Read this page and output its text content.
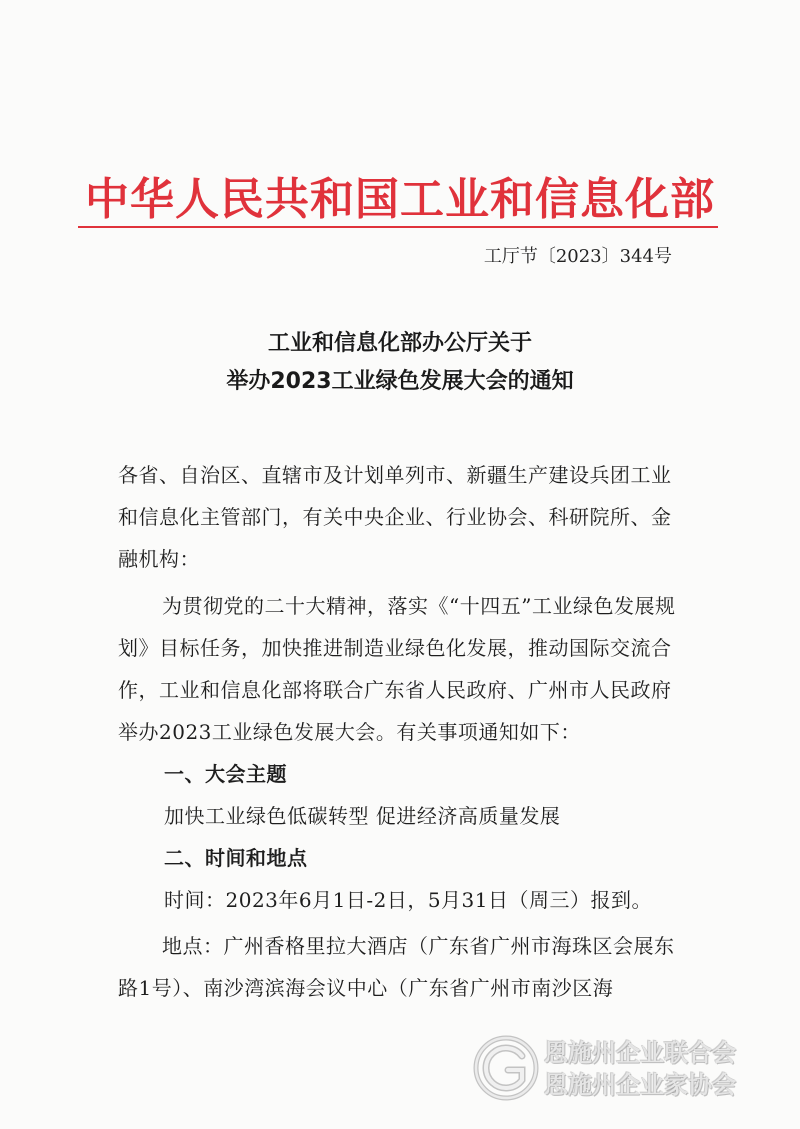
中华人民共和国工业和信息化部
工厅节〔2023〕344号
工业和信息化部办公厅关于
举办2023工业绿色发展大会的通知
各省、自治区、直辖市及计划单列市、新疆生产建设兵团工业和信息化主管部门，有关中央企业、行业协会、科研院所、金融机构：
为贯彻党的二十大精神，落实《“十四五”工业绿色发展规划》目标任务，加快推进制造业绿色化发展，推动国际交流合作，工业和信息化部将联合广东省人民政府、广州市人民政府举办2023工业绿色发展大会。有关事项通知如下：
一、大会主题
加快工业绿色低碳转型 促进经济高质量发展
二、时间和地点
时间：2023年6月1日-2日，5月31日（周三）报到。
地点：广州香格里拉大酒店（广东省广州市海珠区会展东路1号）、南沙湾滨海会议中心（广东省广州市南沙区海
恩施州企业联合会
恩施州企业家协会
